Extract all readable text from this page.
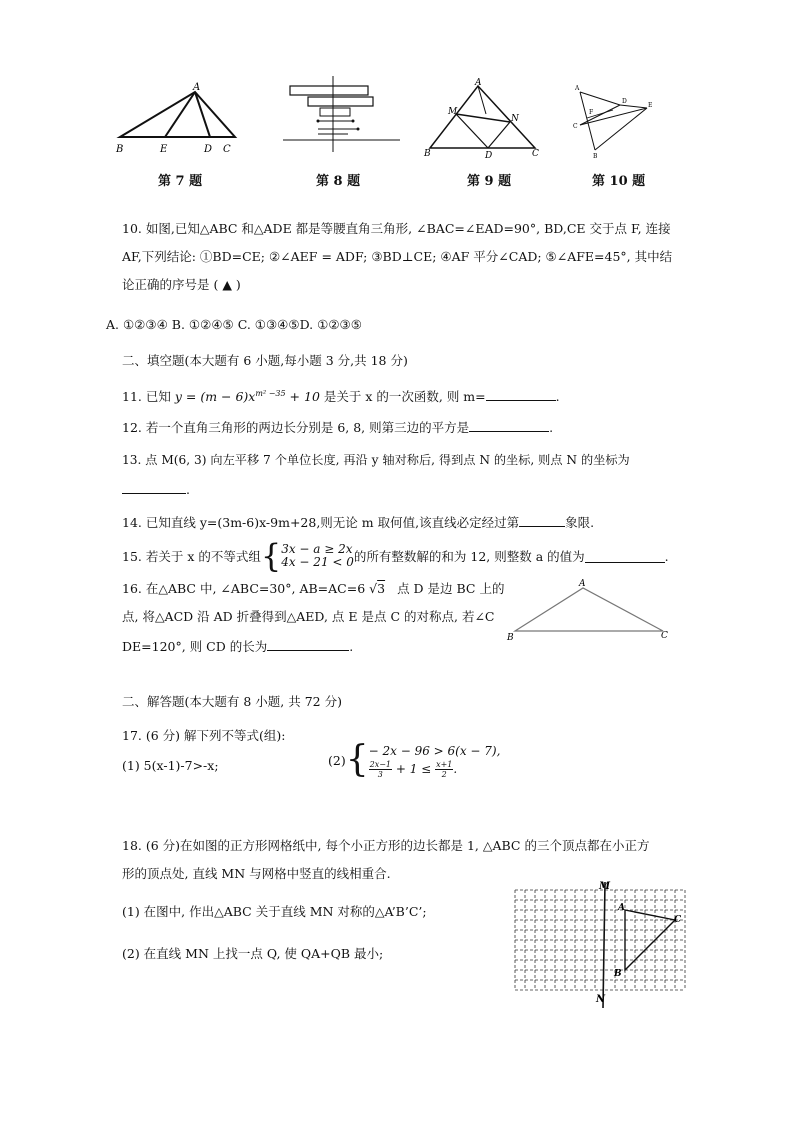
A
B	E	D C
第 7 题	第 8 题
A
M
N
B	D	C
第 9 题
A
B
C
D
E
F
第 10 题
10. 如图,已知△ABC 和△ADE 都是等腰直角三角形, ∠BAC=∠EAD=90°, BD,CE 交于点 F, 连接
AF,下列结论: ①BD=CE; ②∠AEF = ADF; ③BD⊥CE; ④AF 平分∠CAD; ⑤∠AFE=45°, 其中结
论正确的序号是 ( ▲ )
A. ①②③④ B. ①②④⑤ C. ①③④⑤D. ①②③⑤
二、填空题(本大题有 6 小题,每小题 3 分,共 18 分)
11. 已知 $y = (m - 6)x^{m^2 -35} + 10$ 是关于 x 的一次函数, 则 m=	.
12. 若一个直角三角形的两边长分别是 6, 8, 则第三边的平方是	.
13. 点 M(6, 3) 向左平移 7 个单位长度, 再沿 y 轴对称后, 得到点 N 的坐标, 则点 N 的坐标为
.
14. 已知直线 y=(3m-6)x-9m+28,则无论 m 取何值,该直线必定经过第	象限.
15. 若关于 x 的不等式组 { 3x − a ≥ 2x
4x − 21 < 0 的所有整数解的和为 12, 则整数 a 的值为	.
16. 在△ABC 中, ∠ABC=30°, AB=AC=6 √3 点 D 是边 BC 上的
点, 将△ACD 沿 AD 折叠得到△AED, 点 E 是点 C 的对称点, 若∠C
DE=120°, 则 CD 的长为	.
A
B	C
二、解答题(本大题有 8 小题, 共 72 分)
17. (6 分) 解下列不等式(组):
(1) 5(x-1)-7>-x;	(2) { − 2x − 96 > 6(x − 7),
$\frac{2x-1}{3} + 1 \le \frac{x+1}{2}$ .
18. (6 分)在如图的正方形网格纸中, 每个小正方形的边长都是 1, △ABC 的三个顶点都在小正方
形的顶点处, 直线 MN 与网格中竖直的线相重合.
(1) 在图中, 作出△ABC 关于直线 MN 对称的△A’B’C’;
(2) 在直线 MN 上找一点 Q, 使 QA+QB 最小;
M
N
A
B
C
